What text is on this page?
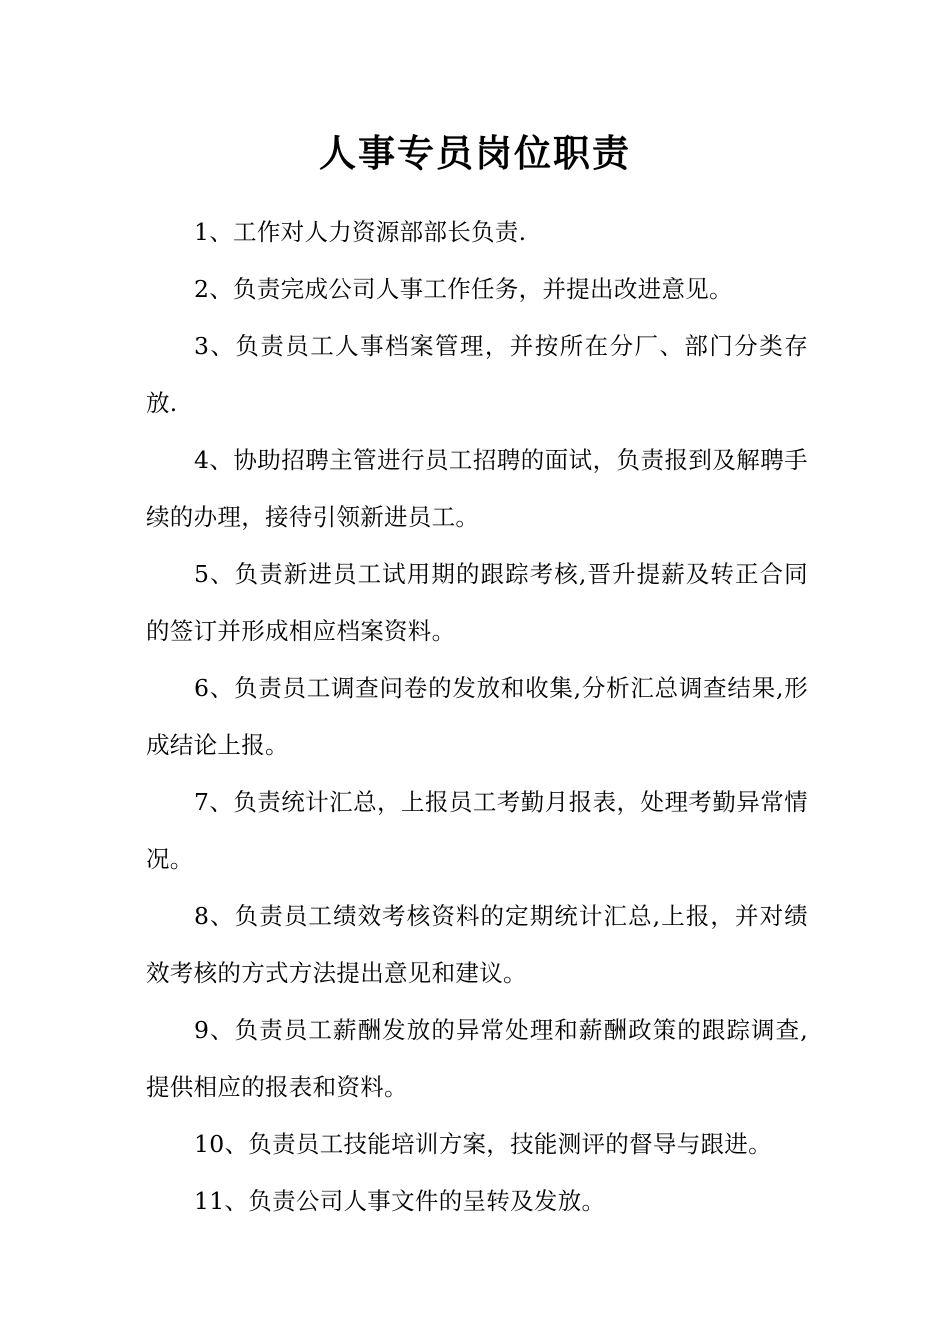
人事专员岗位职责

1、工作对人力资源部部长负责.

2、负责完成公司人事工作任务，并提出改进意见。

3、负责员工人事档案管理，并按所在分厂、部门分类存放.

4、协助招聘主管进行员工招聘的面试，负责报到及解聘手续的办理，接待引领新进员工。

5、负责新进员工试用期的跟踪考核,晋升提薪及转正合同的签订并形成相应档案资料。

6、负责员工调查问卷的发放和收集,分析汇总调查结果,形成结论上报。

7、负责统计汇总，上报员工考勤月报表，处理考勤异常情况。

8、负责员工绩效考核资料的定期统计汇总,上报，并对绩效考核的方式方法提出意见和建议。

9、负责员工薪酬发放的异常处理和薪酬政策的跟踪调查,提供相应的报表和资料。

10、负责员工技能培训方案，技能测评的督导与跟进。

11、负责公司人事文件的呈转及发放。
